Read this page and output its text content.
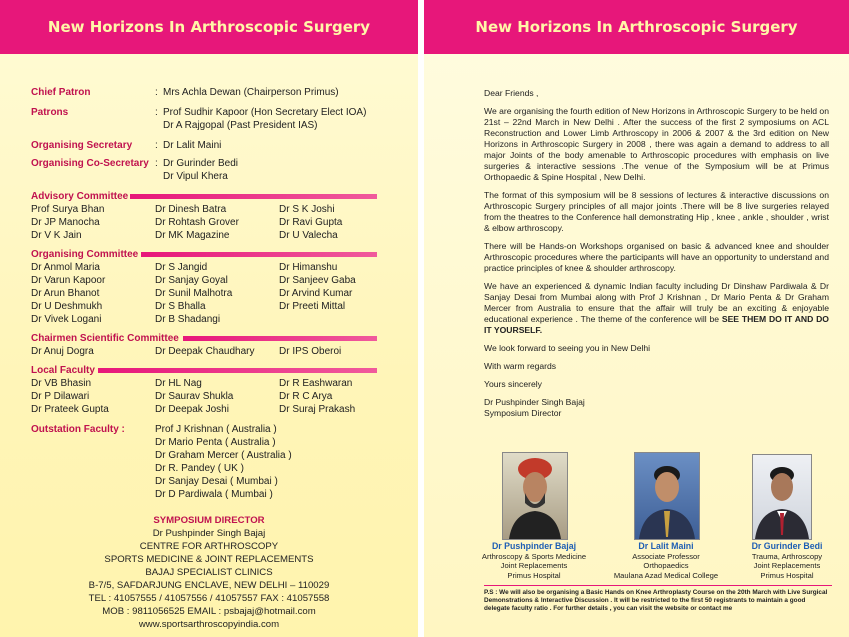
New Horizons In Arthroscopic Surgery
Chief Patron	: Mrs Achla Dewan (Chairperson Primus)
Patrons	: Prof Sudhir Kapoor (Hon Secretary Elect IOA)
Dr A Rajgopal (Past President IAS)
Organising Secretary : Dr Lalit Maini
Organising Co-Secretary : Dr Gurinder Bedi
Dr Vipul Khera
Advisory Committee
Prof Surya Bhan	Dr Dinesh Batra	Dr S K Joshi
Dr JP Manocha	Dr Rohtash Grover	Dr Ravi Gupta
Dr V K Jain	Dr MK Magazine	Dr U Valecha
Organising Committee
Dr Anmol Maria	Dr S Jangid	Dr Himanshu
Dr Varun Kapoor	Dr Sanjay Goyal	Dr Sanjeev Gaba
Dr Arun Bhanot	Dr Sunil Malhotra	Dr Arvind Kumar
Dr U Deshmukh	Dr S Bhalla	Dr Preeti Mittal
Dr Vivek Logani	Dr B Shadangi
Chairmen Scientific Committee
Dr Anuj Dogra	Dr Deepak Chaudhary Dr IPS Oberoi
Local Faculty
Dr VB Bhasin	Dr HL Nag	Dr R Eashwaran
Dr P Dilawari	Dr Saurav Shukla	Dr R C Arya
Dr Prateek Gupta	Dr Deepak Joshi	Dr Suraj Prakash
Outstation Faculty :	Prof J Krishnan ( Australia )
Dr Mario Penta ( Australia )
Dr Graham Mercer ( Australia )
Dr R. Pandey ( UK )
Dr Sanjay Desai ( Mumbai )
Dr D Pardiwala ( Mumbai )
SYMPOSIUM DIRECTOR
Dr Pushpinder Singh Bajaj
CENTRE FOR ARTHROSCOPY
SPORTS MEDICINE & JOINT REPLACEMENTS
BAJAJ SPECIALIST CLINICS
B-7/5, SAFDARJUNG ENCLAVE, NEW DELHI – 110029
TEL : 41057555 / 41057556 / 41057557 FAX : 41057558
MOB : 9811056525 EMAIL : psbajaj@hotmail.com
www.sportsarthroscopyindia.com
New Horizons In Arthroscopic Surgery

Dear Friends ,

We are organising the fourth edition of New Horizons in Arthroscopic Surgery to be held on 21st – 22nd March in New Delhi . After the success of the first 2 symposiums on ACL Reconstruction and Lower Limb Arthroscopy in 2006 & 2007 & the 3rd edition on New Horizons in Arthroscopic Surgery in 2008 , there was again a demand to address to all major Joints of the body amenable to Arthroscopic procedures with emphasis on live surgeries & interactive sessions .The venue of the Symposium will be at Primus Orthopaedic & Spine Hospital , New Delhi.

The format of this symposium will be 8 sessions of lectures & interactive discussions on Arthroscopic Surgery principles of all major joints .There will be 8 live surgeries relayed from the theatres to the Conference hall demonstrating Hip , knee , ankle , shoulder , wrist & elbow arthroscopy.

There will be Hands-on Workshops organised on basic & advanced knee and shoulder Arthroscopic procedures where the participants will have an opportunity to understand and practice principles of knee & shoulder arthroscopy.

We have an experienced & dynamic Indian faculty including Dr Dinshaw Pardiwala & Dr Sanjay Desai from Mumbai along with Prof J Krishnan , Dr Mario Penta & Dr Graham Mercer from Australia to ensure that the affair will truly be an exciting & enjoyable educational experience . The theme of the conference will be SEE THEM DO IT AND DO IT YOURSELF.

We look forward to seeing you in New Delhi

With warm regards

Yours sincerely

Dr Pushpinder Singh Bajaj
Symposium Director
Dr Pushpinder Bajaj
Arthroscopy & Sports Medicine
Joint Replacements
Primus Hospital
Dr Lalit Maini
Associate Professor
Orthopaedics
Maulana Azad Medical College
Dr Gurinder Bedi
Trauma, Arthroscopy
Joint Replacements
Primus Hospital
P.S : We will also be organising a Basic Hands on Knee Arthroplasty Course on the 20th March with Live Surgical Demonstrations & Interactive Discussion . It will be restricted to the first 50 registrants to maintain a good delegate faculty ratio . For further details , you can visit the website or contact me
